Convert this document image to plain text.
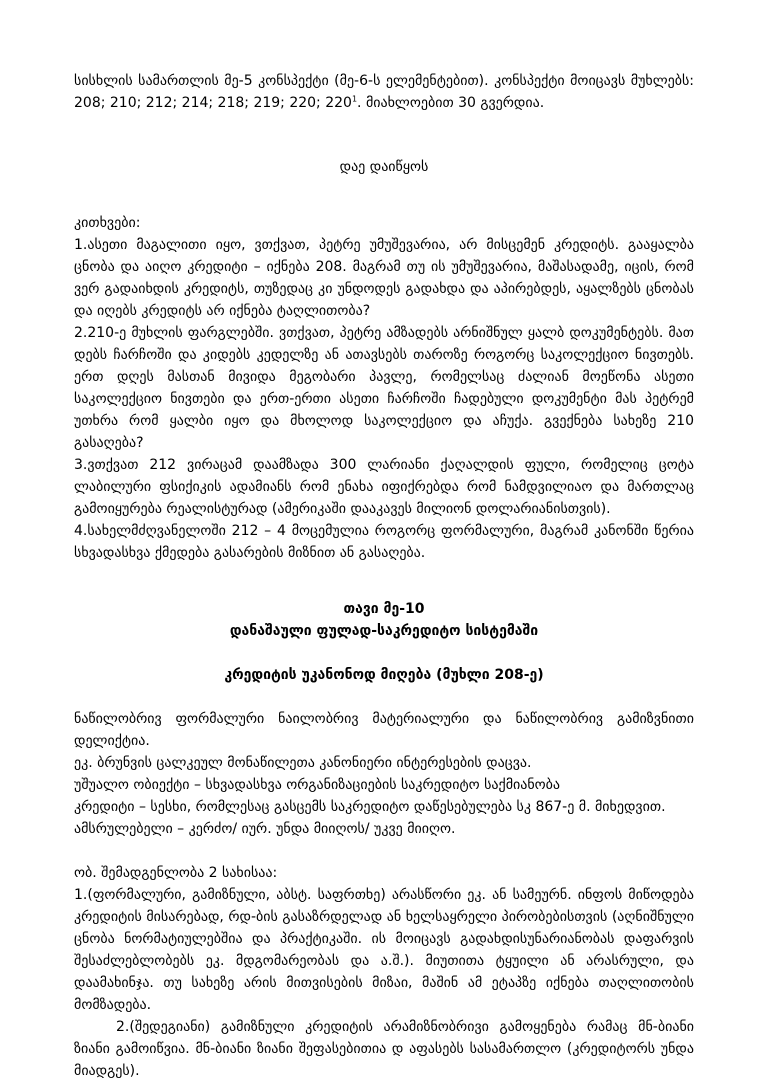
სისხლის სამართლის მე-5 კონსპექტი (მე-6-ს ელემენტებით). კონსპექტი მოიცავს მუხლებს: 208; 210; 212; 214; 218; 219; 220; $220^1$. მიახლოებით 30 გვერდია.

დაე დაიწყოს

კითხვები:

1.ასეთი მაგალითი იყო, ვთქვათ, პეტრე უმუშევარია, არ მისცემენ კრედიტს. გააყალბა ცნობა და აიღო კრედიტი – იქნება 208. მაგრამ თუ ის უმუშევარია, მაშასადამე, იცის, რომ ვერ გადაიხდის კრედიტს, თუზედაც კი უნდოდეს გადახდა და აპირებდეს, აყალზებს ცნობას და იღებს კრედიტს არ იქნება ტაღლითობა?

2.210-ე მუხლის ფარგლებში. ვთქვათ, პეტრე ამზადებს არნიშნულ ყალბ დოკუმენტებს. მათ დებს ჩარჩოში და კიდებს კედელზე ან ათავსებს თაროზე როგორც საკოლექციო ნივთებს. ერთ დღეს მასთან მივიდა მეგობარი პავლე, რომელსაც ძალიან მოეწონა ასეთი საკოლექციო ნივთები და ერთ-ერთი ასეთი ჩარჩოში ჩადებული დოკუმენტი მას პეტრემ უთხრა რომ ყალბი იყო და მხოლოდ საკოლექციო და აჩუქა. გვექნება სახეზე 210 გასაღება?

3.ვთქვათ 212 ვირაცამ დაამზადა 300 ლარიანი ქაღალდის ფული, რომელიც ცოტა ლაბილური ფსიქიკის ადამიანს რომ ენახა იფიქრებდა რომ ნამდვილიაო და მართლაც გამოიყურება რეალისტურად (ამერიკაში დააკავეს მილიონ დოლარიანისთვის).

4.სახელმძღვანელოში 212 – 4 მოცემულია როგორც ფორმალური, მაგრამ კანონში წერია სხვადასხვა ქმედება გასარების მიზნით ან გასაღება.

თავი მე-10

დანაშაული ფულად-საკრედიტო სისტემაში

კრედიტის უკანონოდ მიღება (მუხლი 208-ე)

ნაწილობრივ ფორმალური ნაილობრივ მატერიალური და ნაწილობრივ გამიზვნითი დელიქტია.

ეკ. ბრუნვის ცალკეულ მონაწილეთა კანონიერი ინტერესების დაცვა.

უშუალო ობიექტი – სხვადასხვა ორგანიზაციების საკრედიტო საქმიანობა

კრედიტი – სესხი, რომლესაც გასცემს საკრედიტო დაწესებულება სკ 867-ე მ. მიხედვით.

ამსრულებელი – კერძო/ იურ. უნდა მიიღოს/ უკვე მიიღო.

ობ. შემადგენლობა 2 სახისაა:

1.(ფორმალური, გამიზნული, აბსტ. საფრთხე) არასწორი ეკ. ან სამეურნ. ინფოს მიწოდება კრედიტის მისარებად, რდ-ბის გასაზრდელად ან ხელსაყრელი პირობებისთვის (აღნიშნული ცნობა ნორმატიულებშია და პრაქტიკაში. ის მოიცავს გადახდისუნარიანობას დაფარვის შესაძლებლობებს ეკ. მდგომარეობას და ა.შ.). მიუთითა ტყუილი ან არასრული, და დაამახინჯა. თუ სახეზე არის მითვისების მიზაი, მაშინ ამ ეტაპზე იქნება თაღლითობის მომზადება.

2.(შედეგიანი) გამიზნული კრედიტის არამიზნობრივი გამოყენება რამაც მნ-ბიანი ზიანი გამოიწვია. მნ-ბიანი ზიანი შეფასებითია დ აფასებს სასამართლო (კრედიტორს უნდა მიადგეს).
